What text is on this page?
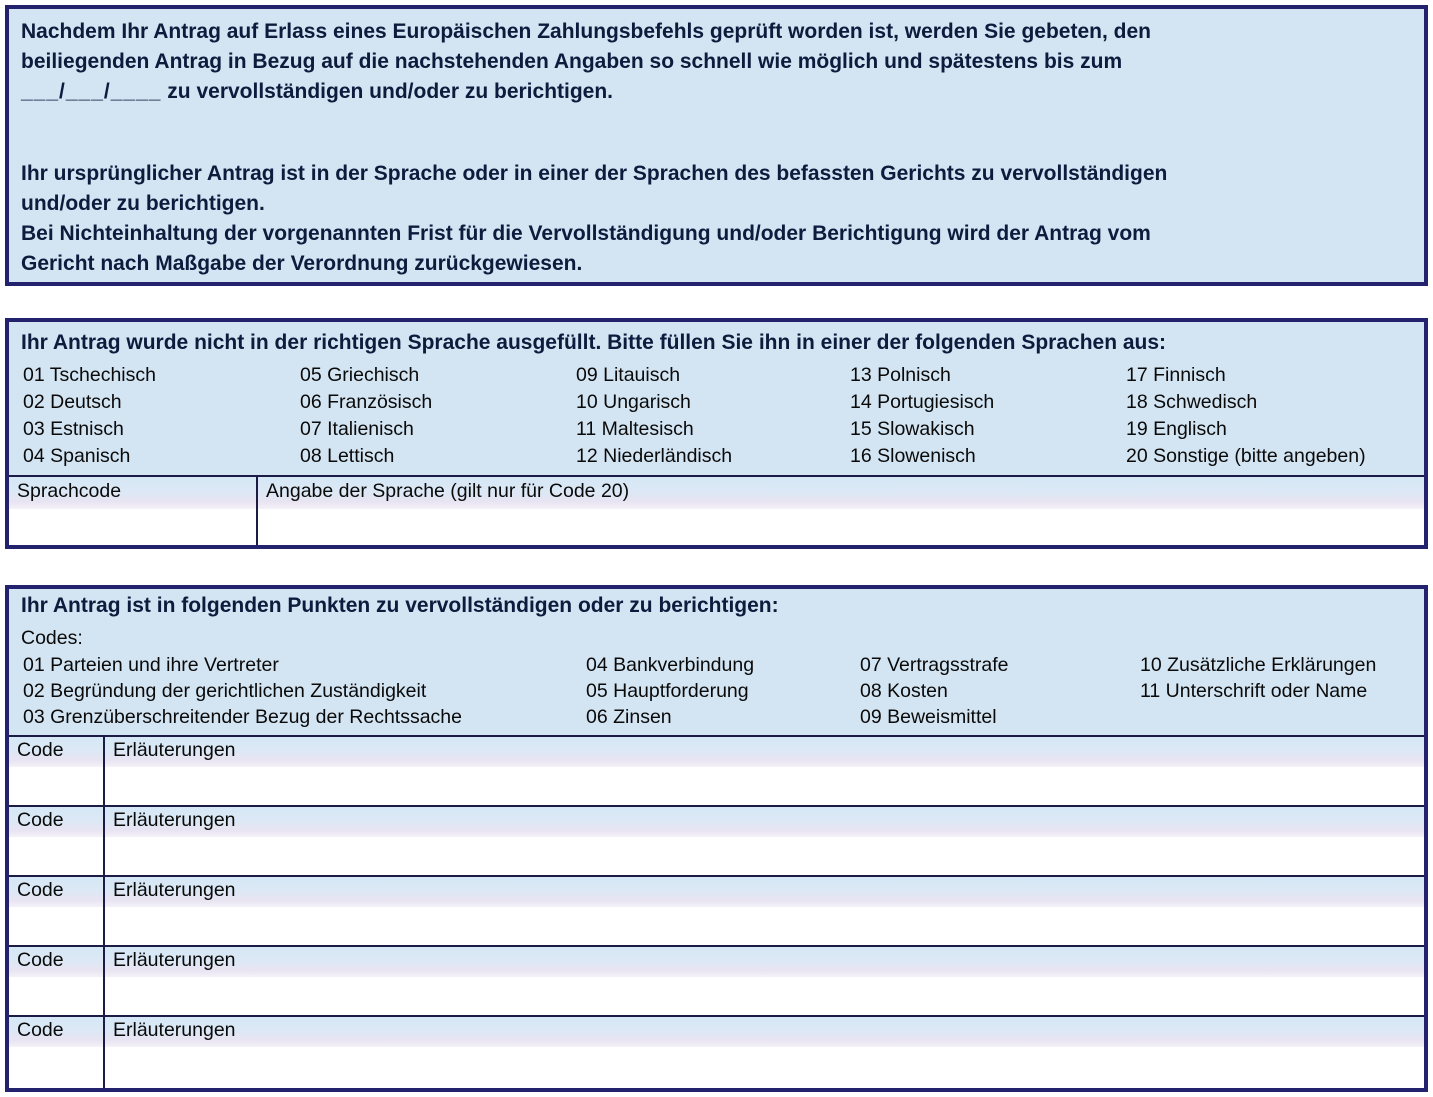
Nachdem Ihr Antrag auf Erlass eines Europäischen Zahlungsbefehls geprüft worden ist, werden Sie gebeten, den
beiliegenden Antrag in Bezug auf die nachstehenden Angaben so schnell wie möglich und spätestens bis zum
___/___/____ zu vervollständigen und/oder zu berichtigen.
Ihr ursprünglicher Antrag ist in der Sprache oder in einer der Sprachen des befassten Gerichts zu vervollständigen
und/oder zu berichtigen.
Bei Nichteinhaltung der vorgenannten Frist für die Vervollständigung und/oder Berichtigung wird der Antrag vom
Gericht nach Maßgabe der Verordnung zurückgewiesen.
Ihr Antrag wurde nicht in der richtigen Sprache ausgefüllt. Bitte füllen Sie ihn in einer der folgenden Sprachen aus:
01 Tschechisch
02 Deutsch
03 Estnisch
04 Spanisch
05 Griechisch
06 Französisch
07 Italienisch
08 Lettisch
09 Litauisch
10 Ungarisch
11 Maltesisch
12 Niederländisch
13 Polnisch
14 Portugiesisch
15 Slowakisch
16 Slowenisch
17 Finnisch
18 Schwedisch
19 Englisch
20 Sonstige (bitte angeben)
Sprachcode	Angabe der Sprache (gilt nur für Code 20)
Ihr Antrag ist in folgenden Punkten zu vervollständigen oder zu berichtigen:
Codes:
01 Parteien und ihre Vertreter
02 Begründung der gerichtlichen Zuständigkeit
03 Grenzüberschreitender Bezug der Rechtssache
04 Bankverbindung
05 Hauptforderung
06 Zinsen
07 Vertragsstrafe
08 Kosten
09 Beweismittel
10 Zusätzliche Erklärungen
11 Unterschrift oder Name
Code	Erläuterungen
Code	Erläuterungen
Code	Erläuterungen
Code	Erläuterungen
Code	Erläuterungen
